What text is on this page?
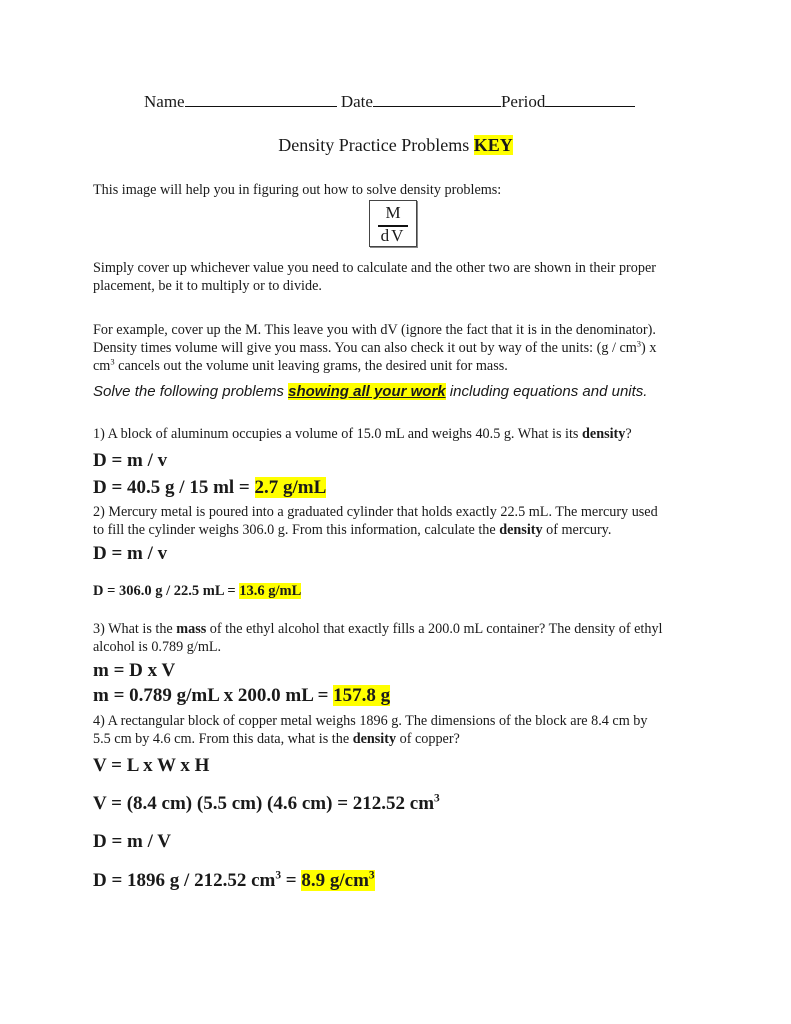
Name	Date	Period
Density Practice Problems KEY
This image will help you in figuring out how to solve density problems:
M
dV
Simply cover up whichever value you need to calculate and the other two are shown in their proper placement, be it to multiply or to divide.
For example, cover up the M. This leave you with dV (ignore the fact that it is in the denominator).
Density times volume will give you mass. You can also check it out by way of the units: $(g / cm^3)$ x
$cm^3$ cancels out the volume unit leaving grams, the desired unit for mass.
Solve the following problems showing all your work including equations and units.
1) A block of aluminum occupies a volume of 15.0 mL and weighs 40.5 g. What is its density?
D = m / v
D = 40.5 g / 15 ml = 2.7 g/mL
2) Mercury metal is poured into a graduated cylinder that holds exactly 22.5 mL. The mercury used
to fill the cylinder weighs 306.0 g. From this information, calculate the density of mercury.
D = m / v
D = 306.0 g / 22.5 mL = 13.6 g/mL
3) What is the mass of the ethyl alcohol that exactly fills a 200.0 mL container? The density of ethyl
alcohol is 0.789 g/mL.
m = D x V
m = 0.789 g/mL x 200.0 mL = 157.8 g
4) A rectangular block of copper metal weighs 1896 g. The dimensions of the block are 8.4 cm by
5.5 cm by 4.6 cm. From this data, what is the density of copper?
V = L x W x H
V = (8.4 cm) (5.5 cm) (4.6 cm) = 212.52 $cm^3$
D = m / V
D = 1896 g / 212.52 $cm^3 = 8.9$ $g/cm^3$
